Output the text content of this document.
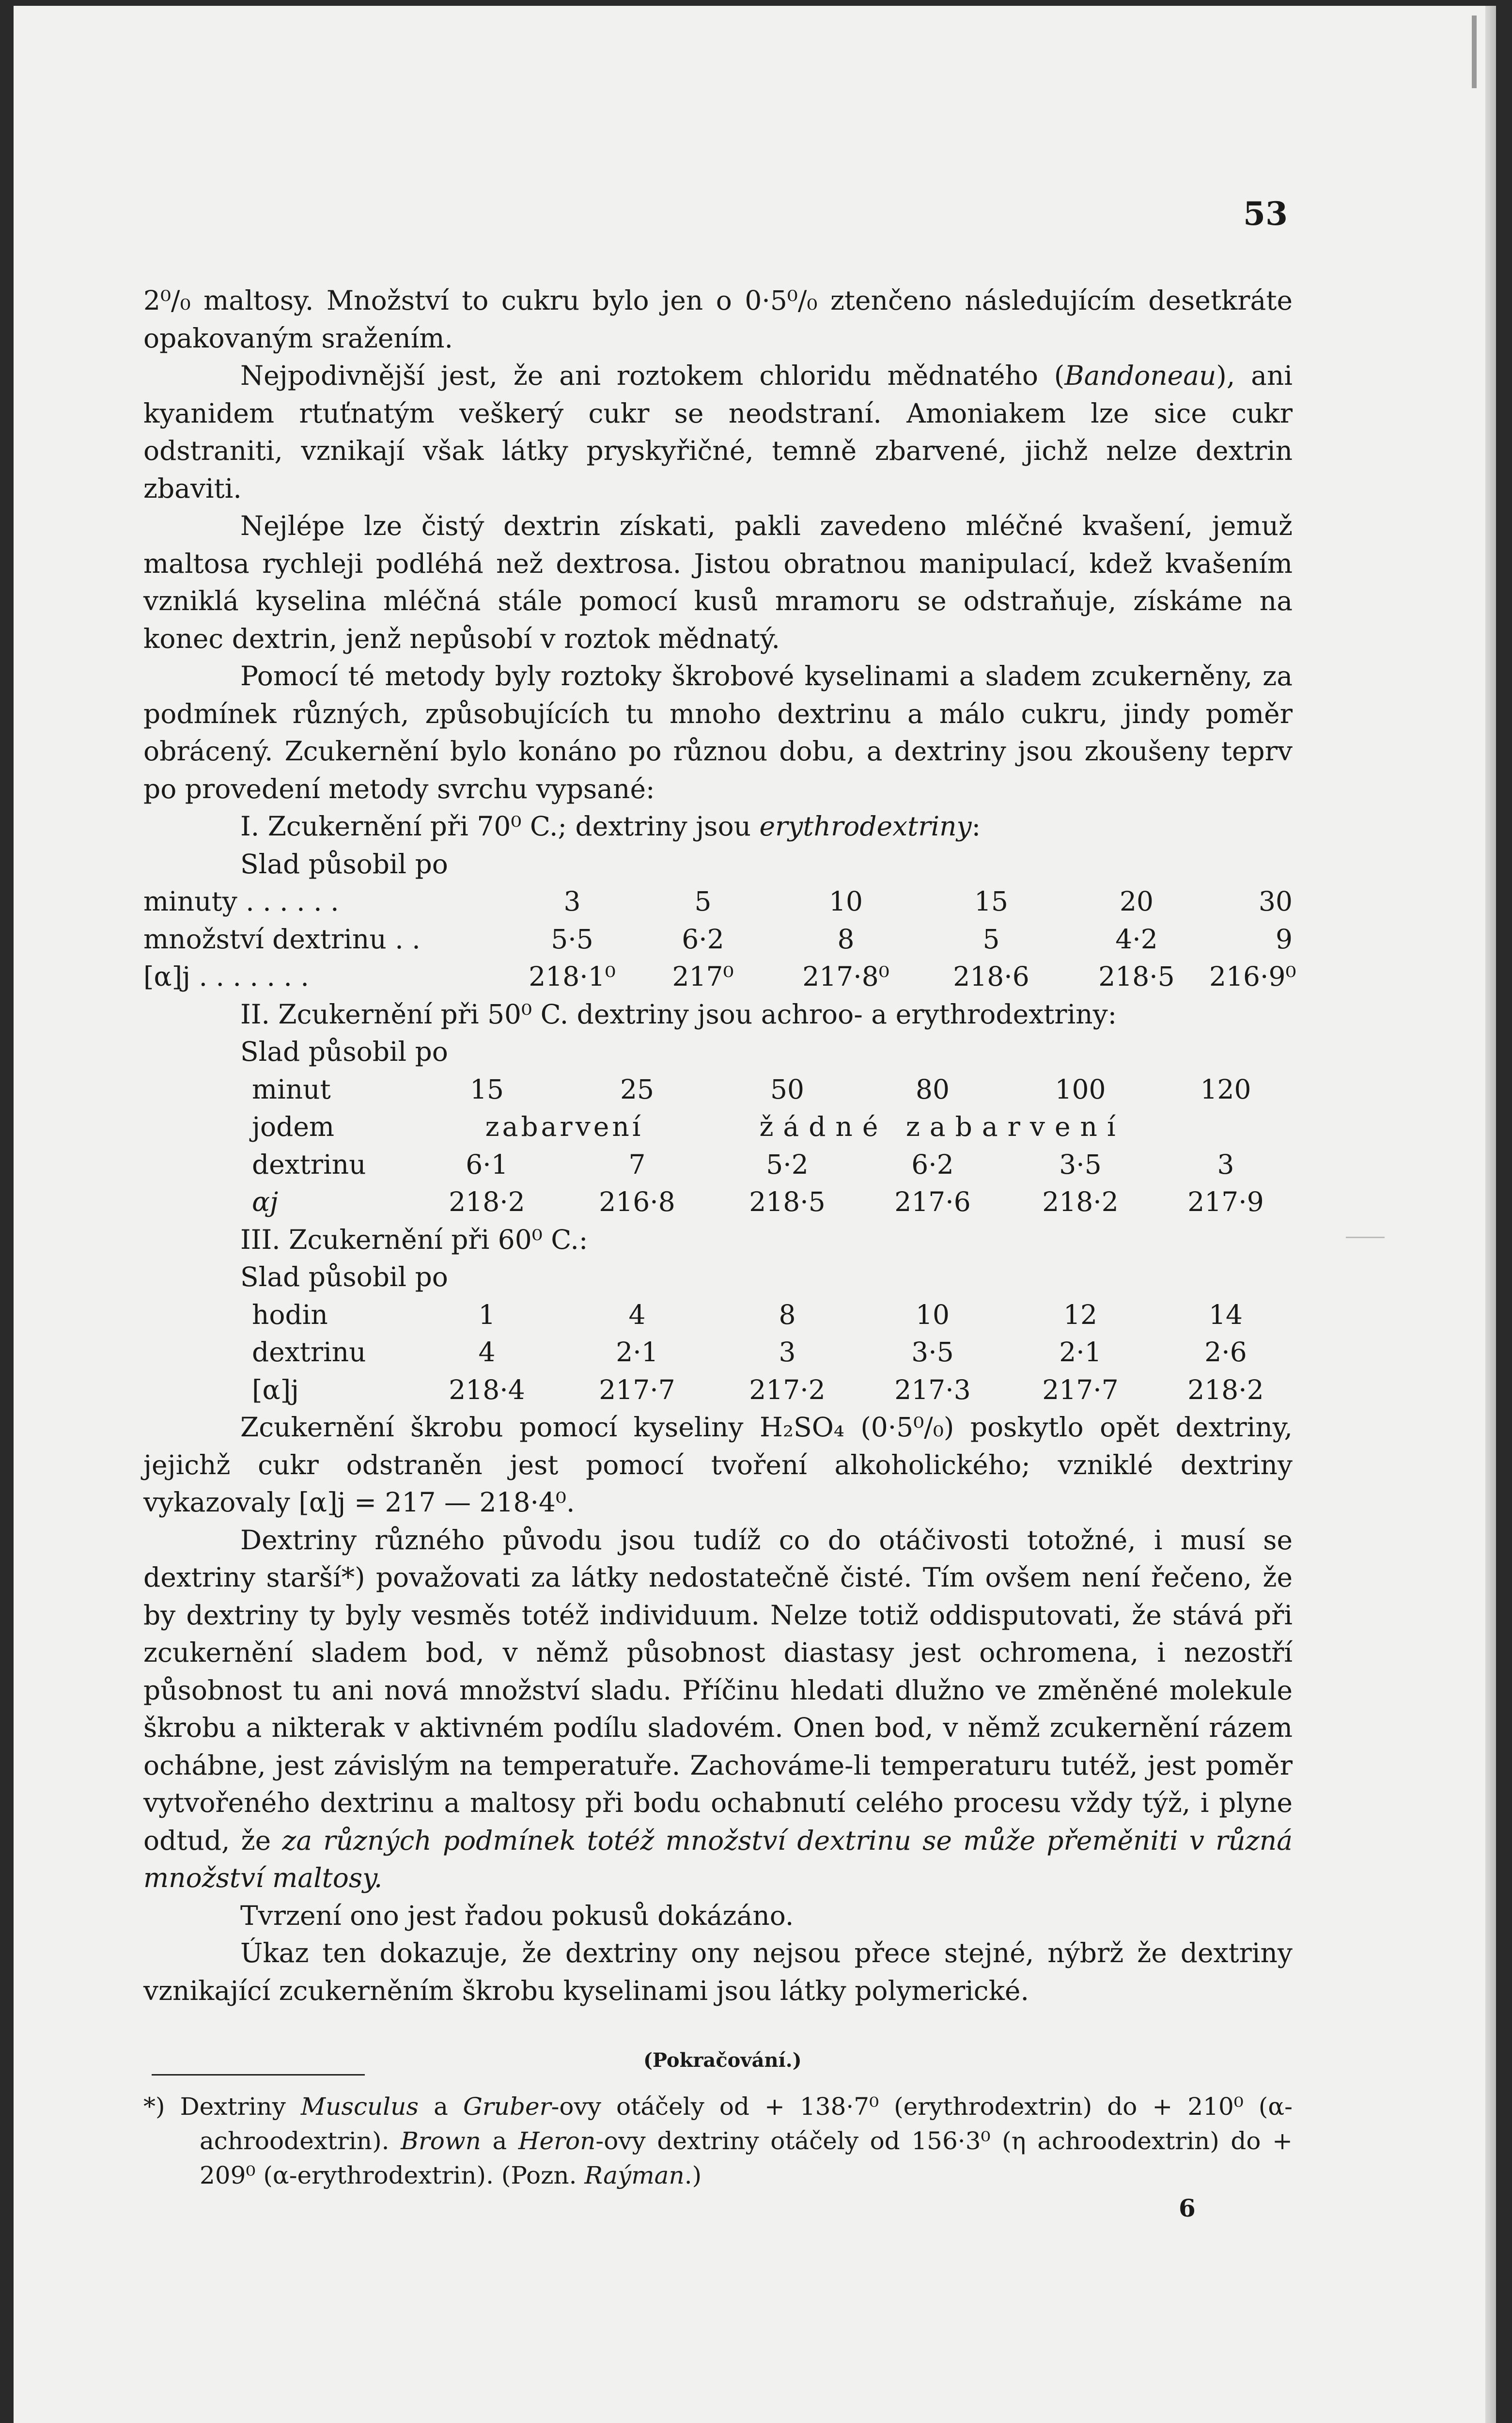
53

2⁰/₀ maltosy. Množství to cukru bylo jen o 0·5⁰/₀ ztenčeno následujícím desetkráte opakovaným sražením.

Nejpodivnější jest, že ani roztokem chloridu mědnatého (Bandoneau), ani kyanidem rtuťnatým veškerý cukr se neodstraní. Amoniakem lze sice cukr odstraniti, vznikají však látky pryskyřičné, temně zbarvené, jichž nelze dextrin zbaviti.

Nejlépe lze čistý dextrin získati, pakli zavedeno mléčné kvašení, jemuž maltosa rychleji podléhá než dextrosa. Jistou obratnou manipulací, kdež kvašením vzniklá kyselina mléčná stále pomocí kusů mramoru se odstraňuje, získáme na konec dextrin, jenž nepůsobí v roztok mědnatý.

Pomocí té metody byly roztoky škrobové kyselinami a sladem zcukerněny, za podmínek různých, způsobujících tu mnoho dextrinu a málo cukru, jindy poměr obrácený. Zcukernění bylo konáno po různou dobu, a dextriny jsou zkoušeny teprv po provedení metody svrchu vypsané:

I. Zcukernění při 70⁰ C.; dextriny jsou erythrodextriny:

Slad působil po

minuty . . . . . .	3	5	10	15	20	30
množství dextrinu . .	5·5	6·2	8	5	4·2	9
[α]j . . . . . . .	218·1⁰	217⁰	217·8⁰	218·6	218·5	216·9⁰

II. Zcukernění při 50⁰ C. dextriny jsou achroo- a erythrodextriny:

Slad působil po

minut	15	25	50	80	100	120
jodem	zabarvení	žádné zabarvení
dextrinu	6·1	7	5·2	6·2	3·5	3
αj	218·2	216·8	218·5	217·6	218·2	217·9

III. Zcukernění při 60⁰ C.:

Slad působil po

hodin	1	4	8	10	12	14
dextrinu	4	2·1	3	3·5	2·1	2·6
[α]j	218·4	217·7	217·2	217·3	217·7	218·2

Zcukernění škrobu pomocí kyseliny H₂SO₄ (0·5⁰/₀) poskytlo opět dextriny, jejichž cukr odstraněn jest pomocí tvoření alkoholického; vzniklé dextriny vykazovaly [α]j = 217 — 218·4⁰.

Dextriny různého původu jsou tudíž co do otáčivosti totožné, i musí se dextriny starší*) považovati za látky nedostatečně čisté. Tím ovšem není řečeno, že by dextriny ty byly vesměs totéž individuum. Nelze totiž oddisputovati, že stává při zcukernění sladem bod, v němž působnost diastasy jest ochromena, i nezostří působnost tu ani nová množství sladu. Příčinu hledati dlužno ve změněné molekule škrobu a nikterak v aktivném podílu sladovém. Onen bod, v němž zcukernění rázem ochábne, jest závislým na temperatuře. Zachováme-li temperaturu tutéž, jest poměr vytvořeného dextrinu a maltosy při bodu ochabnutí celého procesu vždy týž, i plyne odtud, že za různých podmínek totéž množství dextrinu se může přeměniti v různá množství maltosy.

Tvrzení ono jest řadou pokusů dokázáno.

Úkaz ten dokazuje, že dextriny ony nejsou přece stejné, nýbrž že dextriny vznikající zcukerněním škrobu kyselinami jsou látky polymerické.

(Pokračování.)

*) Dextriny Musculus a Gruber-ovy otáčely od + 138·7⁰ (erythrodextrin) do + 210⁰ (α-achroodextrin). Brown a Heron-ovy dextriny otáčely od 156·3⁰ (η achroodextrin) do + 209⁰ (α-erythrodextrin). (Pozn. Raýman.)

6
